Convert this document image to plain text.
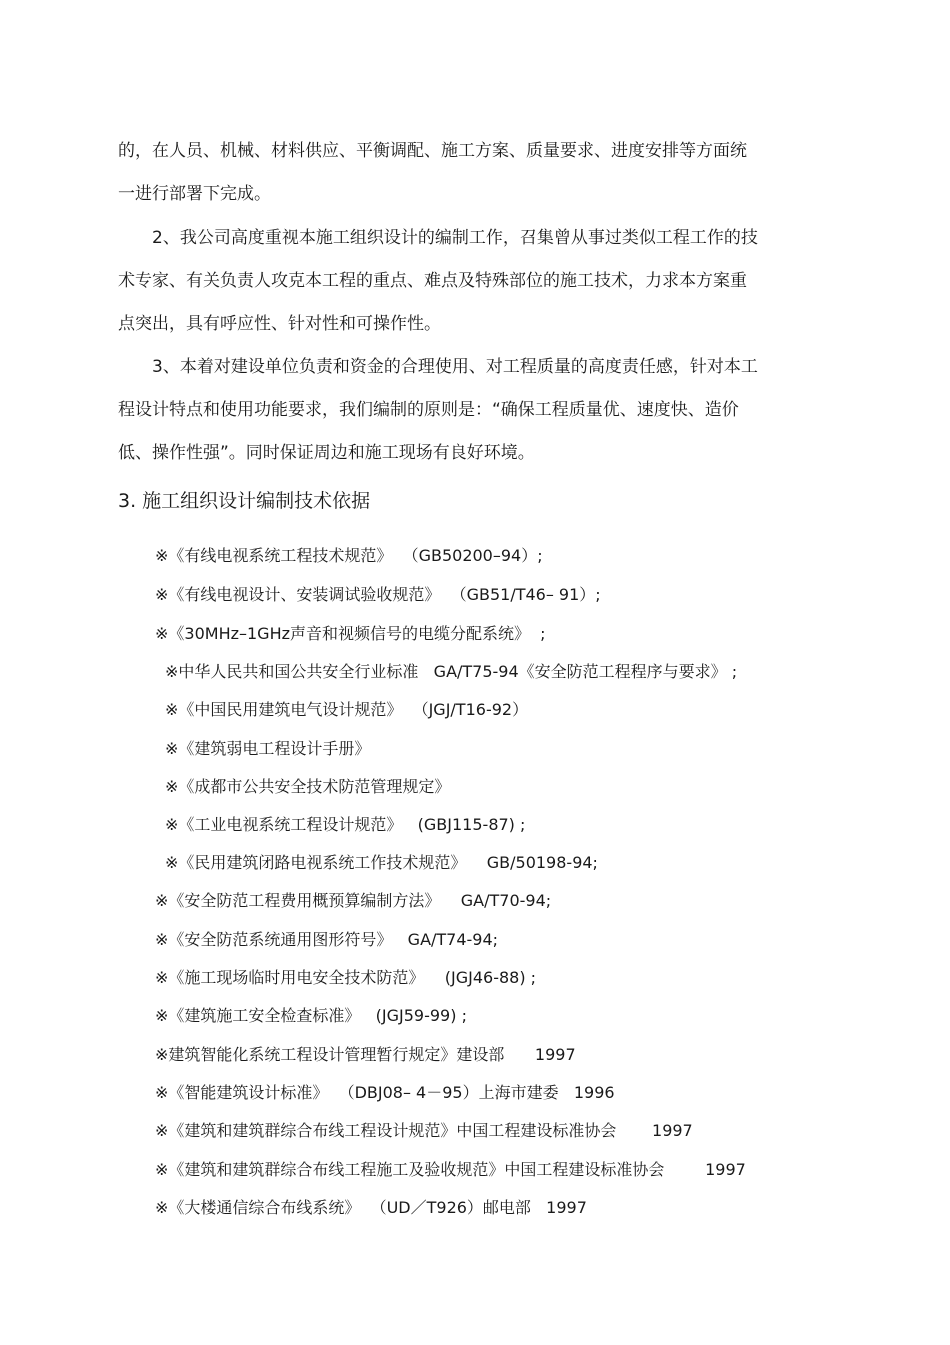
的，在人员、机械、材料供应、平衡调配、施工方案、质量要求、进度安排等方面统
一进行部署下完成。
　　2、我公司高度重视本施工组织设计的编制工作，召集曾从事过类似工程工作的技
术专家、有关负责人攻克本工程的重点、难点及特殊部位的施工技术，力求本方案重
点突出，具有呼应性、针对性和可操作性。
　　3、本着对建设单位负责和资金的合理使用、对工程质量的高度责任感，针对本工
程设计特点和使用功能要求，我们编制的原则是：“确保工程质量优、速度快、造价
低、操作性强”。同时保证周边和施工现场有良好环境。
3. 施工组织设计编制技术依据
※《有线电视系统工程技术规范》  （GB50200–94）;
※《有线电视设计、安装调试验收规范》  （GB51/T46– 91）;
※《30MHz–1GHz声音和视频信号的电缆分配系统》  ;
※中华人民共和国公共安全行业标准   GA/T75-94《安全防范工程程序与要求》 ;
※《中国民用建筑电气设计规范》  （JGJ/T16-92）
※《建筑弱电工程设计手册》
※《成都市公共安全技术防范管理规定》
※《工业电视系统工程设计规范》   (GBJ115-87) ;
※《民用建筑闭路电视系统工作技术规范》    GB/50198-94;
※《安全防范工程费用概预算编制方法》    GA/T70-94;
※《安全防范系统通用图形符号》   GA/T74-94;
※《施工现场临时用电安全技术防范》    (JGJ46-88) ;
※《建筑施工安全检查标准》   (JGJ59-99) ;
※建筑智能化系统工程设计管理暂行规定》建设部      1997
※《智能建筑设计标准》  （DBJ08– 4－95）上海市建委   1996
※《建筑和建筑群综合布线工程设计规范》中国工程建设标准协会       1997
※《建筑和建筑群综合布线工程施工及验收规范》中国工程建设标准协会        1997
※《大楼通信综合布线系统》  （UD／T926）邮电部   1997
